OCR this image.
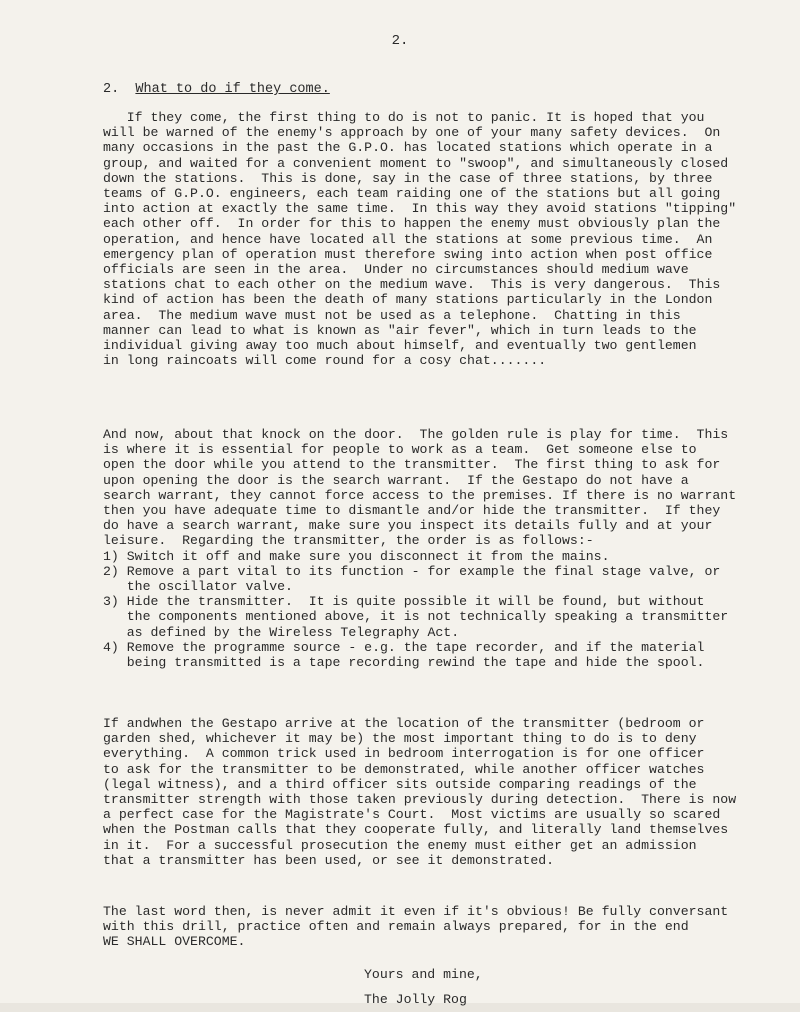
2.
2. What to do if they come.
If they come, the first thing to do is not to panic. It is hoped that you
will be warned of the enemy's approach by one of your many safety devices.  On
many occasions in the past the G.P.O. has located stations which operate in a
group, and waited for a convenient moment to "swoop", and simultaneously closed
down the stations.  This is done, say in the case of three stations, by three
teams of G.P.O. engineers, each team raiding one of the stations but all going
into action at exactly the same time.  In this way they avoid stations "tipping"
each other off.  In order for this to happen the enemy must obviously plan the
operation, and hence have located all the stations at some previous time.  An
emergency plan of operation must therefore swing into action when post office
officials are seen in the area.  Under no circumstances should medium wave
stations chat to each other on the medium wave.  This is very dangerous.  This
kind of action has been the death of many stations particularly in the London
area.  The medium wave must not be used as a telephone.  Chatting in this
manner can lead to what is known as "air fever", which in turn leads to the
individual giving away too much about himself, and eventually two gentlemen
in long raincoats will come round for a cosy chat.......
And now, about that knock on the door.  The golden rule is play for time.  This
is where it is essential for people to work as a team.  Get someone else to
open the door while you attend to the transmitter.  The first thing to ask for
upon opening the door is the search warrant.  If the Gestapo do not have a
search warrant, they cannot force access to the premises. If there is no warrant
then you have adequate time to dismantle and/or hide the transmitter.  If they
do have a search warrant, make sure you inspect its details fully and at your
leisure.  Regarding the transmitter, the order is as follows:-
1) Switch it off and make sure you disconnect it from the mains.
2) Remove a part vital to its function - for example the final stage valve, or
the oscillator valve.
3) Hide the transmitter.  It is quite possible it will be found, but without
the components mentioned above, it is not technically speaking a transmitter
as defined by the Wireless Telegraphy Act.
4) Remove the programme source - e.g. the tape recorder, and if the material
being transmitted is a tape recording rewind the tape and hide the spool.
If andwhen the Gestapo arrive at the location of the transmitter (bedroom or
garden shed, whichever it may be) the most important thing to do is to deny
everything.  A common trick used in bedroom interrogation is for one officer
to ask for the transmitter to be demonstrated, while another officer watches
(legal witness), and a third officer sits outside comparing readings of the
transmitter strength with those taken previously during detection.  There is now
a perfect case for the Magistrate's Court.  Most victims are usually so scared
when the Postman calls that they cooperate fully, and literally land themselves
in it.  For a successful prosecution the enemy must either get an admission
that a transmitter has been used, or see it demonstrated.
The last word then, is never admit it even if it's obvious! Be fully conversant
with this drill, practice often and remain always prepared, for in the end
WE SHALL OVERCOME.
Yours and mine,
The Jolly Rog
